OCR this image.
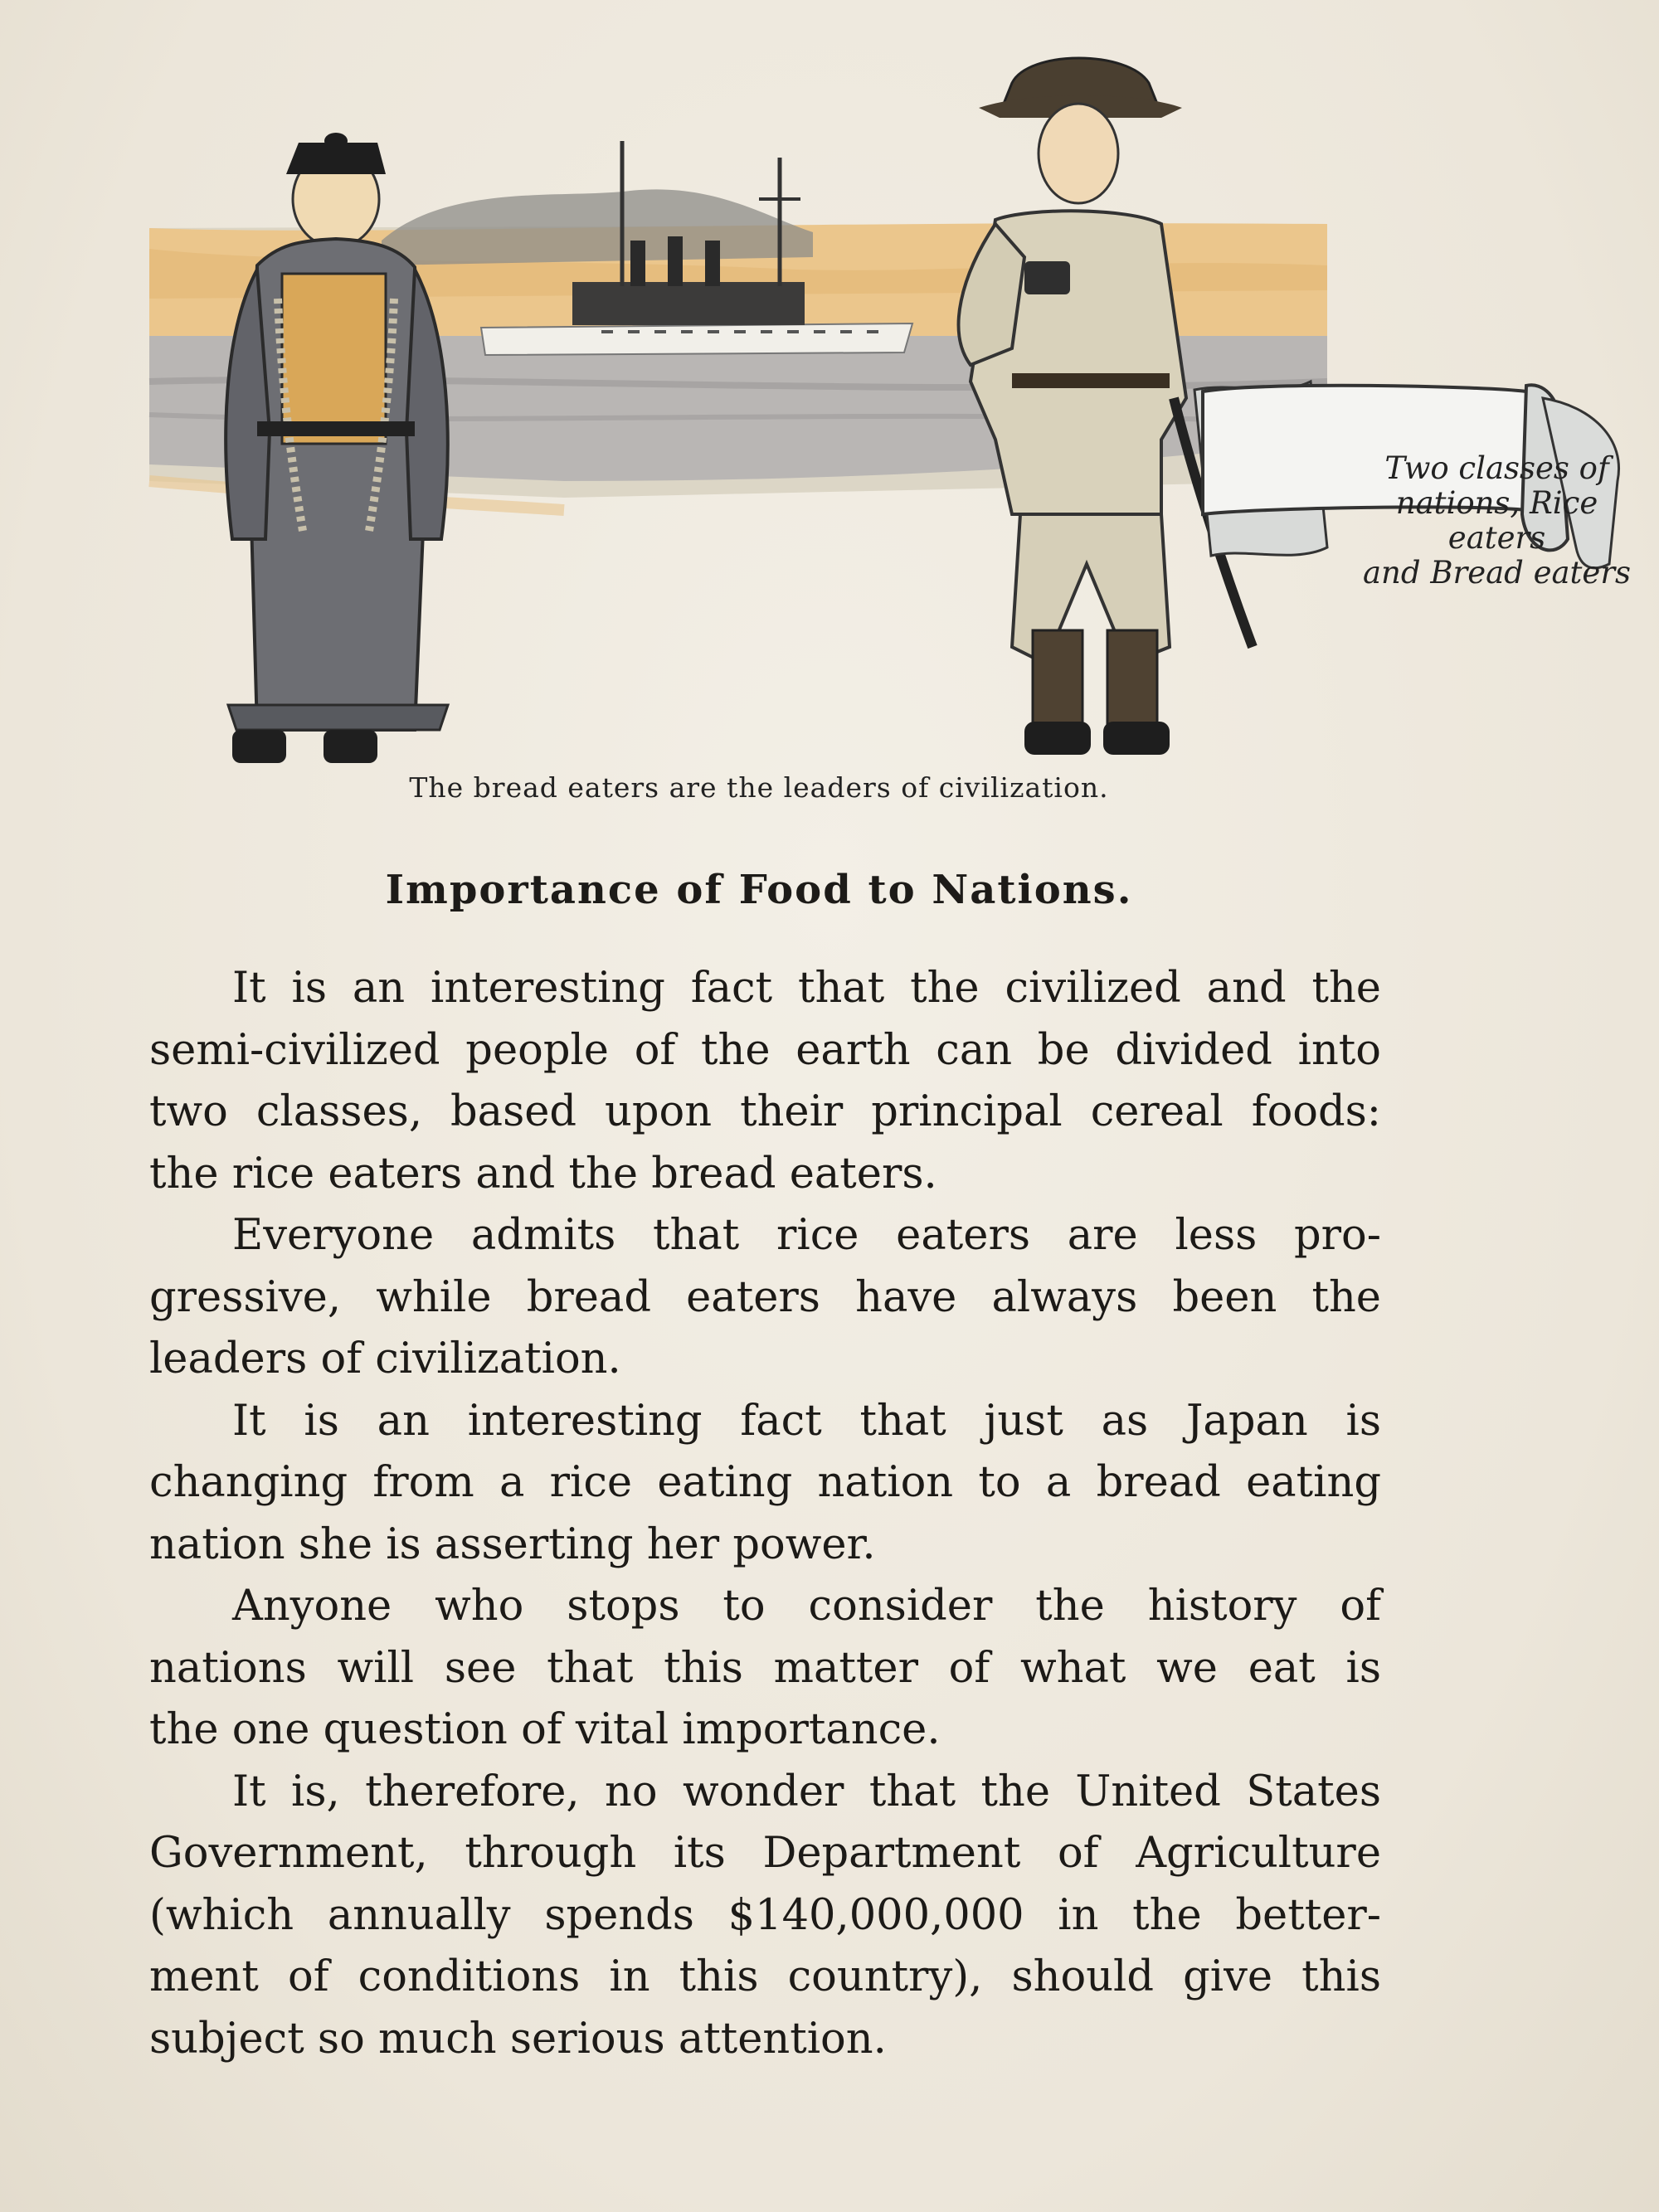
Two classes of
nations, Rice eaters
and Bread eaters
The bread eaters are the leaders of civilization.
Importance of Food to Nations.
It is an interesting fact that the civilized and the
semi-civilized people of the earth can be divided into
two classes, based upon their principal cereal foods:
the rice eaters and the bread eaters.
Everyone admits that rice eaters are less pro-
gressive, while bread eaters have always been the
leaders of civilization.
It is an interesting fact that just as Japan is
changing from a rice eating nation to a bread eating
nation she is asserting her power.
Anyone who stops to consider the history of
nations will see that this matter of what we eat is
the one question of vital importance.
It is, therefore, no wonder that the United States
Government, through its Department of Agriculture
(which annually spends $140,000,000 in the better-
ment of conditions in this country), should give this
subject so much serious attention.
